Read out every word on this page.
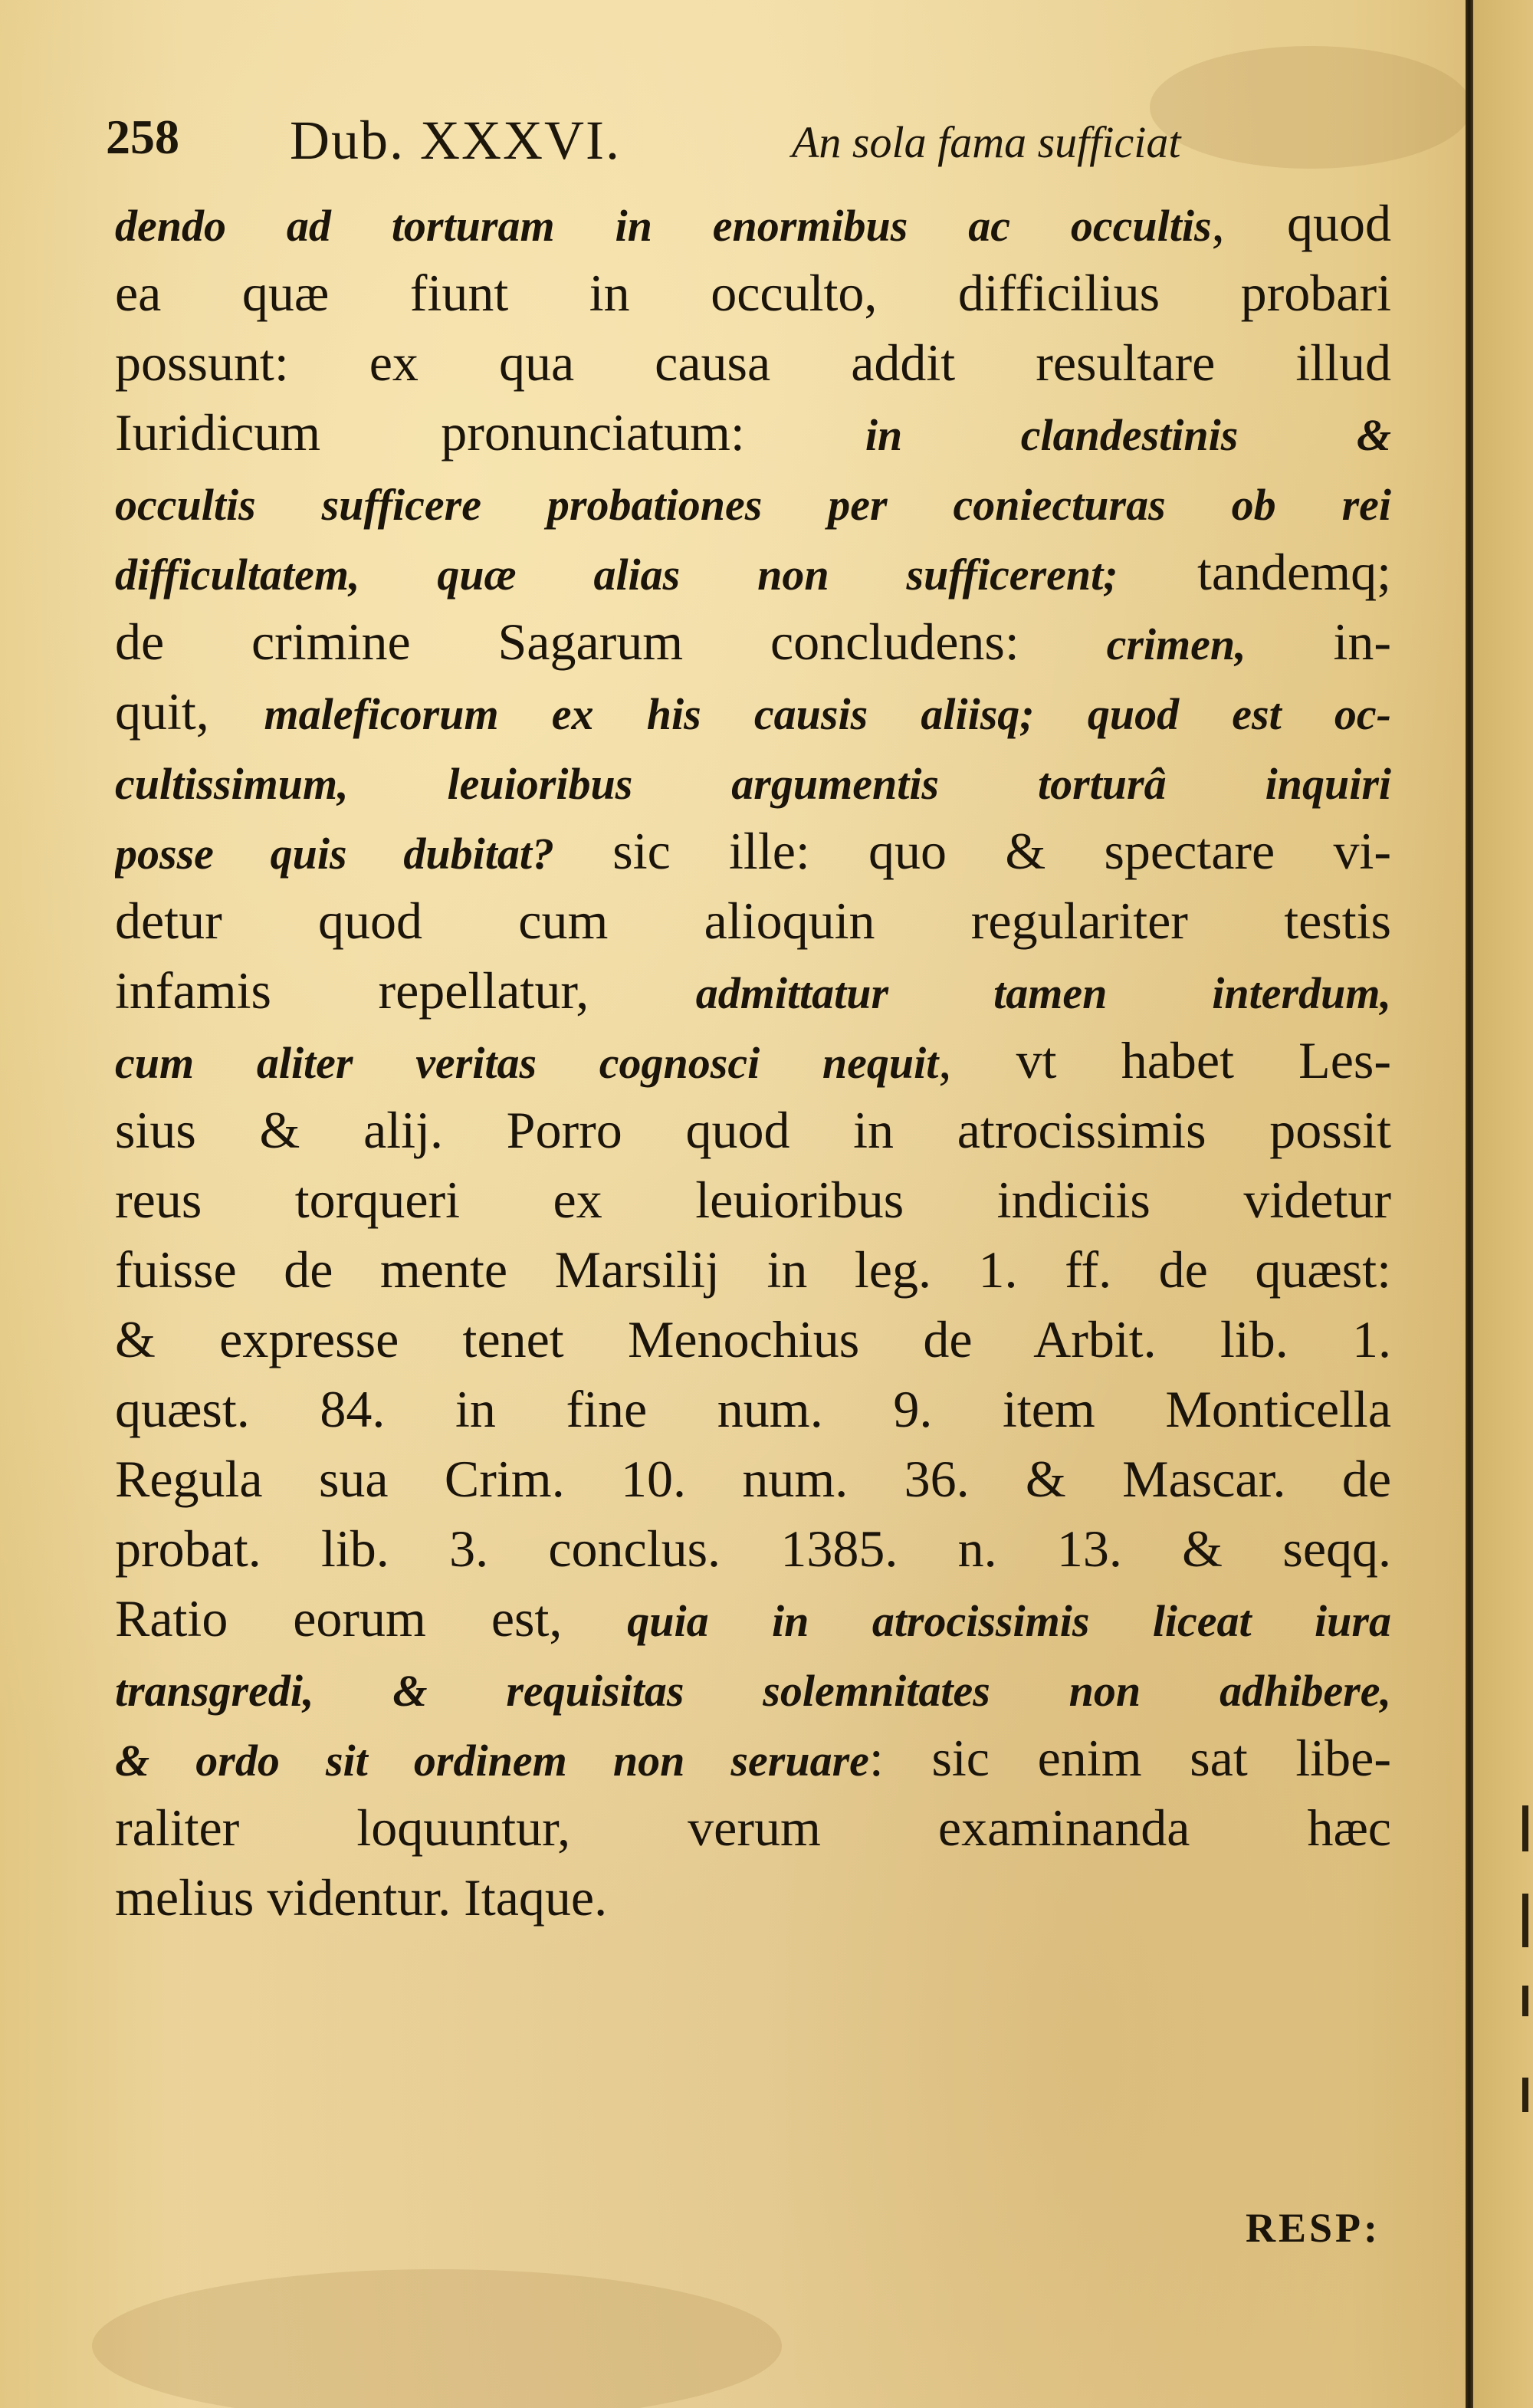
258 Dub. XXXVI.	An sola fama sufficiat
dendo ad torturam in enormibus ac occultis, quod
ea quæ fiunt in occulto, difficilius probari
possunt: ex qua causa addit resultare illud
Iuridicum pronunciatum: in clandestinis &
occultis sufficere probationes per coniecturas ob rei
difficultatem, quæ alias non sufficerent; tandemq;
de crimine Sagarum concludens: crimen, in-
quit, maleficorum ex his causis aliisq; quod est oc-
cultissimum, leuioribus argumentis torturâ inquiri
posse quis dubitat? sic ille: quo & spectare vi-
detur quod cum alioquin regulariter testis
infamis repellatur, admittatur tamen interdum,
cum aliter veritas cognosci nequit, vt habet Les-
sius & alij. Porro quod in atrocissimis possit
reus torqueri ex leuioribus indiciis videtur
fuisse de mente Marsilij in leg. 1. ff. de quæst:
& expresse tenet Menochius de Arbit. lib. 1.
quæst. 84. in fine num. 9. item Monticella
Regula sua Crim. 10. num. 36. & Mascar. de
probat. lib. 3. conclus. 1385. n. 13. & seqq.
Ratio eorum est, quia in atrocissimis liceat iura
transgredi, & requisitas solemnitates non adhibere,
& ordo sit ordinem non seruare: sic enim sat libe-
raliter loquuntur, verum examinanda hæc
melius videntur. Itaque.
RESP:
